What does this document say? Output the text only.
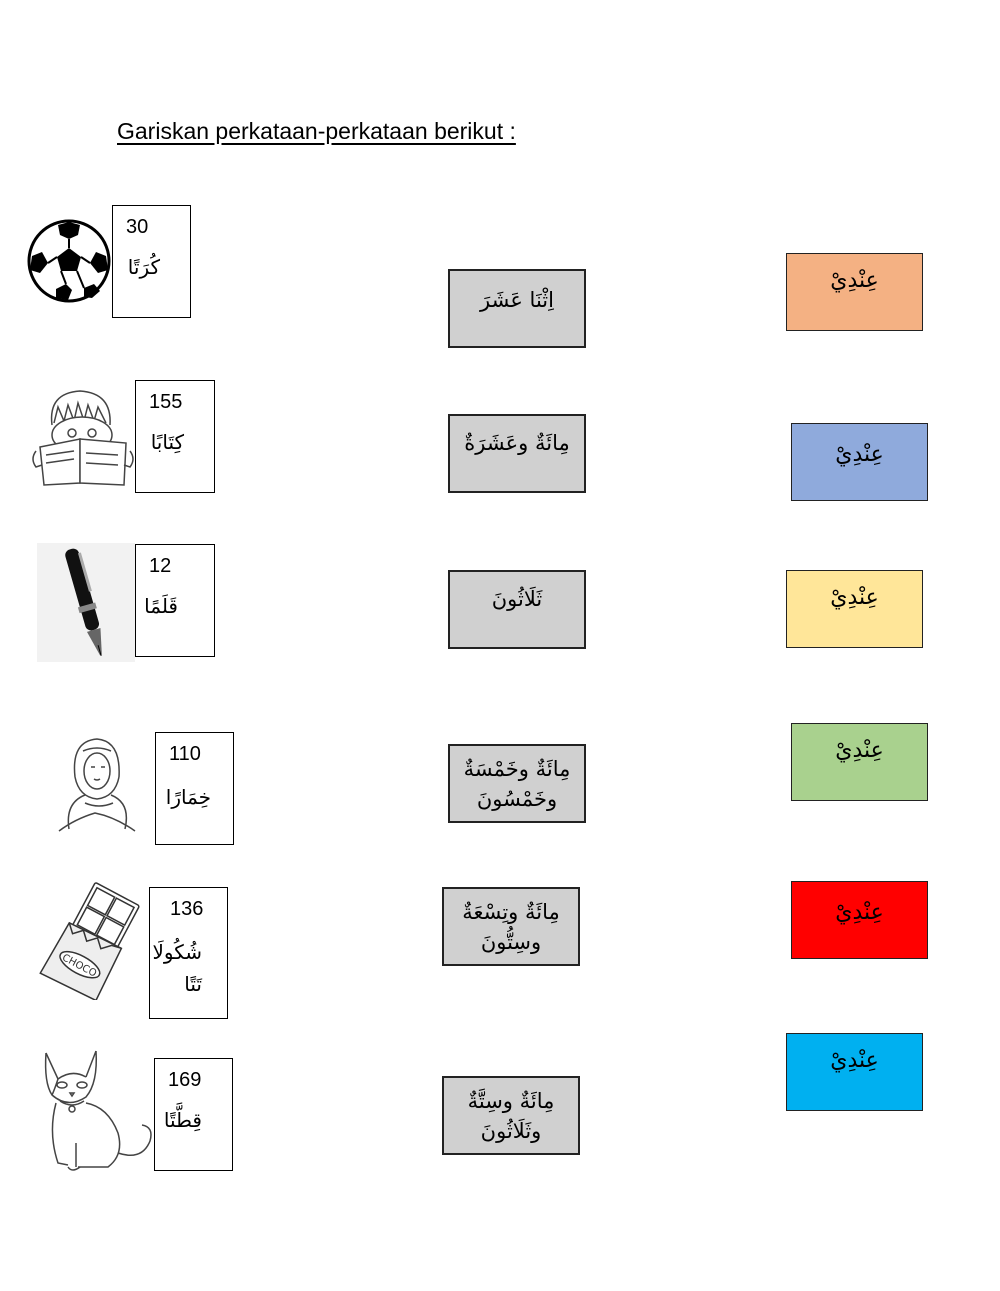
Gariskan perkataan-perkataan berikut :
30
كُرَتًا
155
كِتَابًا
12
قَلَمًا
110
خِمَارًا
CHOCO
136
شُكُولَا تَتًا
169
قِطَّتًا
اِثْنَا عَشَرَ
مِائَةٌ وعَشَرَةٌ
ثَلَاثُونَ
مِائَةٌ وخَمْسَةٌ وخَمْسُونَ
مِائَةٌ وتِسْعَةٌ وسِتُّونَ
مِائَةٌ وسِتَّةٌ وثَلَاثُونَ
عِنْدِيْ
عِنْدِيْ
عِنْدِيْ
عِنْدِيْ
عِنْدِيْ
عِنْدِيْ
